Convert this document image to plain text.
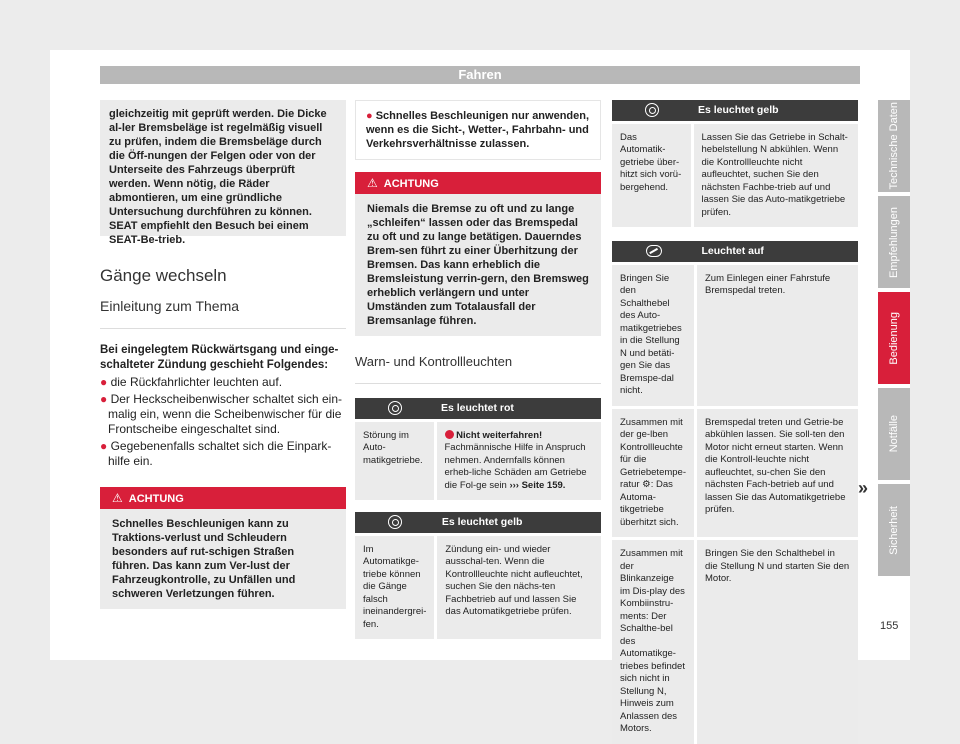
Fahren
gleichzeitig mit geprüft werden. Die Dicke al-ler Bremsbeläge ist regelmäßig visuell zu prüfen, indem die Bremsbeläge durch die Öff-nungen der Felgen oder von der Unterseite des Fahrzeugs überprüft werden. Wenn nötig, die Räder abmontieren, um eine gründliche Untersuchung durchführen zu können. SEAT empfiehlt den Besuch bei einem SEAT-Be-trieb.
Gänge wechseln
Einleitung zum Thema
Bei eingelegtem Rückwärtsgang und einge-schalteter Zündung geschieht Folgendes:
● die Rückfahrlichter leuchten auf.
● Der Heckscheibenwischer schaltet sich ein-malig ein, wenn die Scheibenwischer für die Frontscheibe eingeschaltet sind.
● Gegebenenfalls schaltet sich die Einpark-hilfe ein.
⚠ ACHTUNG
Schnelles Beschleunigen kann zu Traktions-verlust und Schleudern besonders auf rut-schigen Straßen führen. Das kann zum Ver-lust der Fahrzeugkontrolle, zu Unfällen und schweren Verletzungen führen.
● Schnelles Beschleunigen nur anwenden, wenn es die Sicht-, Wetter-, Fahrbahn- und Verkehrsverhältnisse zulassen.
⚠ ACHTUNG
Niemals die Bremse zu oft und zu lange „schleifen“ lassen oder das Bremspedal zu oft und zu lange betätigen. Dauerndes Brem-sen führt zu einer Überhitzung der Bremsen. Das kann erheblich die Bremsleistung verrin-gern, den Bremsweg erheblich verlängern und unter Umständen zum Totalausfall der Bremsanlage führen.
Warn- und Kontrollleuchten
	Es leuchtet rot
Störung im Auto-matikgetriebe.	Nicht weiterfahren!
Fachmännische Hilfe in Anspruch nehmen. Andernfalls können erheb-liche Schäden am Getriebe die Fol-ge sein ››› Seite 159.
	Es leuchtet gelb
Im Automatikge-triebe können die Gänge falsch ineinandergrei-fen.	Zündung ein- und wieder ausschal-ten. Wenn die Kontrollleuchte nicht aufleuchtet, suchen Sie den nächs-ten Fachbetrieb auf und lassen Sie das Automatikgetriebe prüfen.
	Es leuchtet gelb
Das Automatik-getriebe über-hitzt sich vorü-bergehend.	Lassen Sie das Getriebe in Schalt-hebelstellung N abkühlen. Wenn die Kontrollleuchte nicht aufleuchtet, suchen Sie den nächsten Fachbe-trieb auf und lassen Sie das Auto-matikgetriebe prüfen.
	Leuchtet auf
Bringen Sie den Schalthebel des Auto-matikgetriebes in die Stellung N und betäti-gen Sie das Bremspe-dal nicht.	Zum Einlegen einer Fahrstufe Bremspedal treten.
Zusammen mit der ge-lben Kontrollleuchte für die Getriebetempe-ratur ⚙: Das Automa-tikgetriebe überhitzt sich.	Bremspedal treten und Getrie-be abkühlen lassen. Sie soll-ten den Motor nicht erneut starten. Wenn die Kontroll-leuchte nicht aufleuchtet, su-chen Sie den nächsten Fach-betrieb auf und lassen Sie das Automatikgetriebe prüfen.
Zusammen mit der Blinkanzeige im Dis-play des Kombiinstru-ments: Der Schalthe-bel des Automatikge-triebes befindet sich nicht in Stellung N, Hinweis zum Anlassen des Motors.	Bringen Sie den Schalthebel in die Stellung N und starten Sie den Motor.
Technische Daten
Empfehlungen
Bedienung
Notfälle
Sicherheit
»
155
